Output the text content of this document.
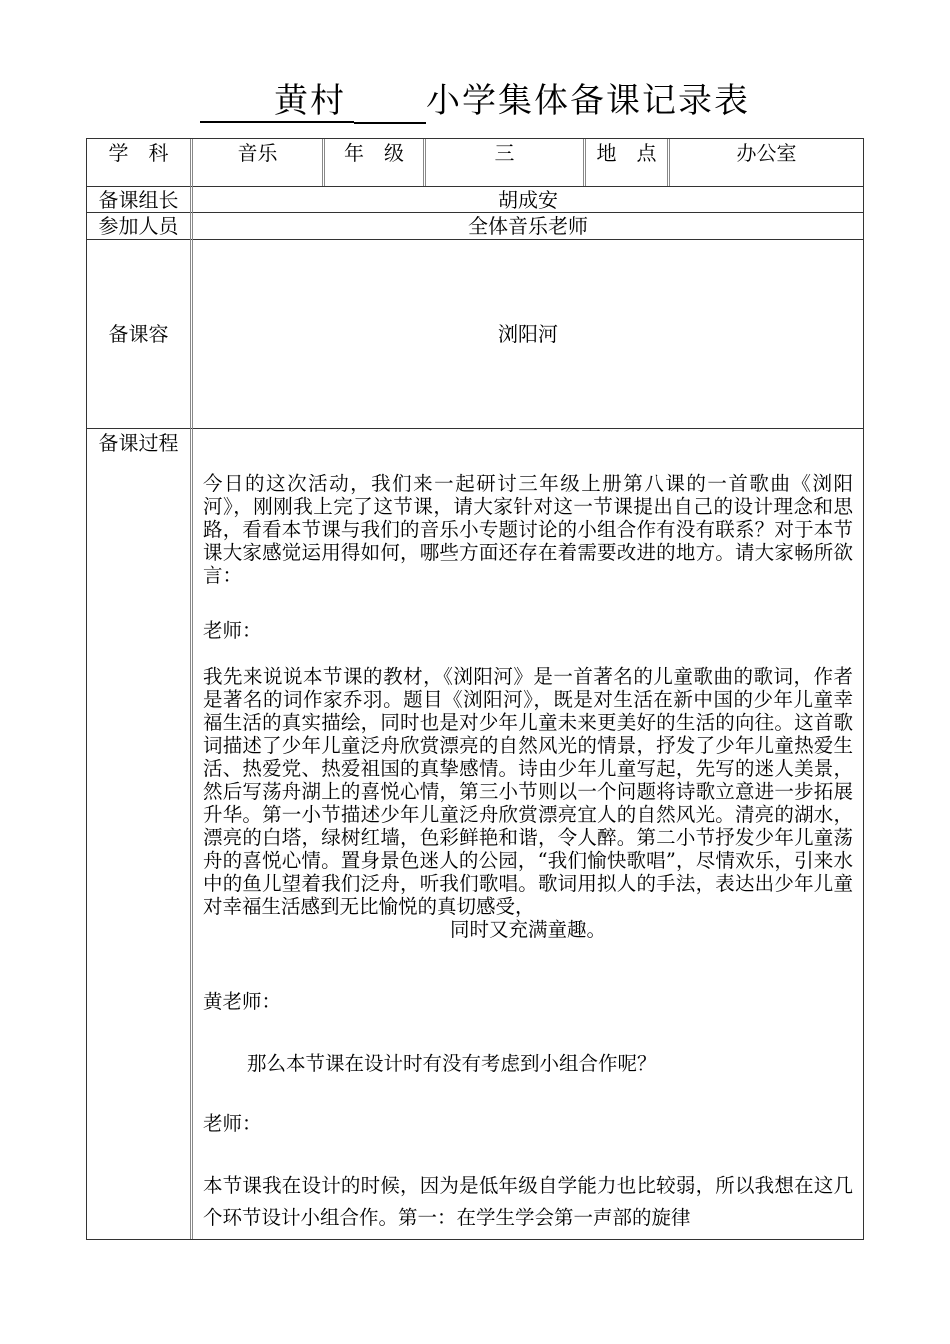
黄村 小学集体备课记录表
学　科	音乐	年　级	三	地　点	办公室
备课组长	胡成安
参加人员	全体音乐老师
备课容	浏阳河
备课过程

今日的这次活动，我们来一起研讨三年级上册第八课的一首歌曲《浏阳河》，刚刚我上完了这节课，请大家针对这一节课提出自己的设计理念和思路，看看本节课与我们的音乐小专题讨论的小组合作有没有联系？对于本节课大家感觉运用得如何，哪些方面还存在着需要改进的地方。请大家畅所欲言：

老师：

我先来说说本节课的教材，《浏阳河》是一首著名的儿童歌曲的歌词，作者是著名的词作家乔羽。题目《浏阳河》，既是对生活在新中国的少年儿童幸福生活的真实描绘，同时也是对少年儿童未来更美好的生活的向往。这首歌词描述了少年儿童泛舟欣赏漂亮的自然风光的情景，抒发了少年儿童热爱生活、热爱党、热爱祖国的真挚感情。诗由少年儿童写起，先写的迷人美景，然后写荡舟湖上的喜悦心情，第三小节则以一个问题将诗歌立意进一步拓展升华。第一小节描述少年儿童泛舟欣赏漂亮宜人的自然风光。清亮的湖水，漂亮的白塔，绿树红墙，色彩鲜艳和谐，令人醉。第二小节抒发少年儿童荡舟的喜悦心情。置身景色迷人的公园，“我们愉快歌唱”，尽情欢乐，引来水中的鱼儿望着我们泛舟，听我们歌唱。歌词用拟人的手法，表达出少年儿童对幸福生活感到无比愉悦的真切感受，

同时又充满童趣。

黄老师：
那么本节课在设计时有没有考虑到小组合作呢？
老师：

本节课我在设计的时候，因为是低年级自学能力也比较弱，所以我想在这几个环节设计小组合作。第一：在学生学会第一声部的旋律
